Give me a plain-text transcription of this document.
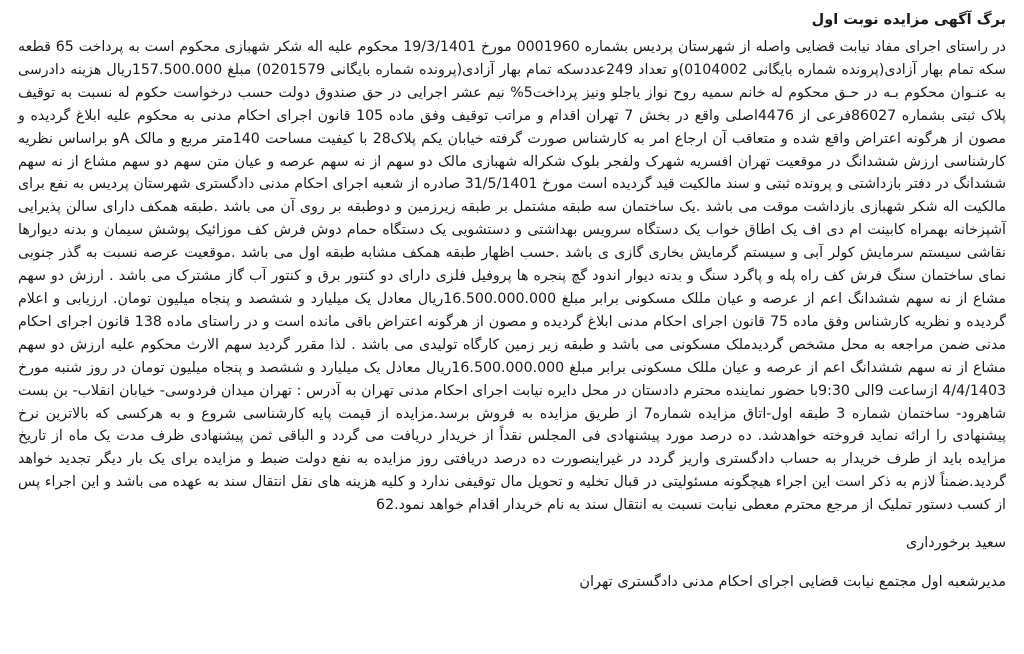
برگ آگهی مزایده نوبت اول

در راستای اجرای مفاد نیابت قضایی واصله از شهرستان پردیس بشماره 0001960 مورخ 19/3/1401 محکوم علیه اله شکر شهبازی محکوم است به پرداخت 65 قطعه سکه تمام بهار آزادی(پرونده شماره بایگانی 0104002)و تعداد 249عددسکه تمام بهار آزادی(پرونده شماره بایگانی 0201579) مبلغ 157.500.000ریال هزینه دادرسی به عنـوان محکوم بـه در حـق محکوم له خانم سمیه روح نواز یاجلو ونیز پرداخت5% نیم عشر اجرایی در حق صندوق دولت حسب درخواست حکوم له نسبت به توقیف پلاک ثبتی بشماره 86027فرعی از 4476اصلی واقع در بخش 7 تهران اقدام و مراتب توقیف وفق ماده 105 قانون اجرای احکام مدنی به محکوم علیه ابلاغ گردیده و مصون از هرگونه اعتراض واقع شده و متعاقب آن ارجاع امر به کارشناس صورت گرفته خیابان یکم پلاک28 با کیفیت مساحت 140متر مربع و مالک Aو براساس نظریه کارشناسی ارزش ششدانگ در موقعیت تهران افسریه شهرک ولفجر بلوک شکراله شهبازی مالک دو سهم از نه سهم عرصه و عیان متن سهم دو سهم مشاع از نه سهم ششدانگ در دفتر بازداشتی و پرونده ثبتی و سند مالکیت قید گردیده است مورخ 31/5/1401 صادره از شعبه اجرای احکام مدنی دادگستری شهرستان پردیس به نفع برای مالکیت اله شکر شهبازی بازداشت موقت می باشد .یک ساختمان سه طبقه مشتمل بر طبقه زیرزمین و دوطبقه بر روی آن می باشد .طبقه همکف دارای سالن پذیرایی آشپزخانه بهمراه کابینت ام دی اف یک اطاق خواب یک دستگاه سرویس بهداشتی و دستشویی یک دستگاه حمام دوش فرش کف موزائیک پوشش سیمان و بدنه دیوارها نقاشی سیستم سرمایش کولر آبی و سیستم گرمایش بخاری گازی ی باشد .حسب اظهار طبقه همکف مشابه طبقه اول می باشد .موقعیت عرصه نسبت به گذر جنوبی نمای ساختمان سنگ فرش کف راه پله و پاگرد سنگ و بدنه دیوار اندود گچ پنجره ها پروفیل فلزی دارای دو کنتور برق و کنتور آب گاز مشترک می باشد . ارزش دو سهم مشاع از نه سهم ششدانگ اعم از عرصه و عیان مللک مسکونی برابر مبلغ 16.500.000.000ریال معادل یک میلیارد و ششصد و پنجاه میلیون تومان. ارزیابی و اعلام گردیده و نظریه کارشناس وفق ماده 75 قانون اجرای احکام مدنی ابلاغ گردیده و مصون از هرگونه اعتراض باقی مانده است و در راستای ماده 138 قانون اجرای احکام مدنی ضمن مراجعه به محل مشخص گردیدملک مسکونی می باشد و طبقه زیر زمین کارگاه تولیدی می باشد . لذا مقرر گردید سهم الارث محکوم علیه ارزش دو سهم مشاع از نه سهم ششدانگ اعم از عرصه و عیان مللک مسکونی برابر مبلغ 16.500.000.000ریال معادل یک میلیارد و ششصد و پنجاه میلیون تومان در روز شنبه مورخ 4/4/1403 ازساعت 9الی 9:30با حضور نماینده محترم دادستان در محل دایره نیابت اجرای احکام مدنی تهران به آدرس : تهران میدان فردوسی- خیابان انقلاب- بن بست شاهرود- ساختمان شماره 3 طبقه اول-اتاق مزایده شماره7 از طریق مزایده به فروش برسد.مزایده از قیمت پایه کارشناسی شروع و به هرکسی که بالاترین نرخ پیشنهادی را ارائه نماید فروخته خواهدشد. ده درصد مورد پیشنهادی فی المجلس نقداً از خریدار دریافت می گردد و الباقی ثمن پیشنهادی ظرف مدت یک ماه از تاریخ مزایده باید از طرف خریدار به حساب دادگستری واریز گردد در غیراینصورت ده درصد دریافتی روز مزایده به نفع دولت ضبط و مزایده برای یک بار دیگر تجدید خواهد گردید.ضمناً لازم به ذکر است این اجراء هیچگونه مسئولیتی در قبال تخلیه و تحویل مال توقیفی ندارد و کلیه هزینه های نقل انتقال سند به عهده می باشد و این اجراء پس از کسب دستور تملیک از مرجع محترم معطی نیابت نسبت به انتقال سند به نام خریدار اقدام خواهد نمود.62

سعید برخورداری
مدیرشعبه اول مجتمع نیابت قضایی اجرای احکام مدنی دادگستری تهران
